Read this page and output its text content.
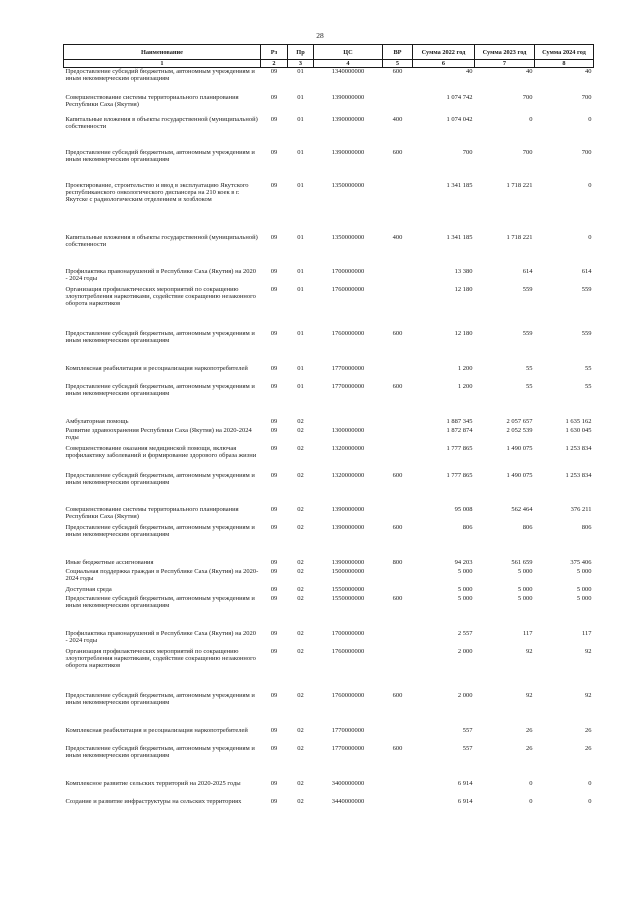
28
Наименование	Рз	Пр	ЦС	ВР	Сумма 2022 год	Сумма 2023 год	Сумма 2024 год
1	2	3	4	5	6	7	8
Предоставление субсидий бюджетным, автономным учреждениям и иным некоммерческим организациям	09	01	1340000000	600	40	40	40
Совершенствование системы территориального планирования Республики Саха (Якутия)	09	01	1390000000		1 074 742	700	700
Капитальные вложения в объекты государственной (муниципальной) собственности	09	01	1390000000	400	1 074 042	0	0
Предоставление субсидий бюджетным, автономным учреждениям и иным некоммерческим организациям	09	01	1390000000	600	700	700	700
Проектирование, строительство и ввод в эксплуатацию Якутского республиканского онкологического диспансера на 210 коек в г. Якутске с радиологическим отделением и хозблоком	09	01	1350000000		1 341 185	1 718 221	0
Капитальные вложения в объекты государственной (муниципальной) собственности	09	01	1350000000	400	1 341 185	1 718 221	0
Профилактика правонарушений в Республике Саха (Якутия) на 2020 - 2024 годы	09	01	1700000000		13 380	614	614
Организация профилактических мероприятий по сокращению злоупотребления наркотиками, содействие сокращению незаконного оборота наркотиков	09	01	1760000000		12 180	559	559
Предоставление субсидий бюджетным, автономным учреждениям и иным некоммерческим организациям	09	01	1760000000	600	12 180	559	559
Комплексная реабилитация и ресоциализация наркопотребителей	09	01	1770000000		1 200	55	55
Предоставление субсидий бюджетным, автономным учреждениям и иным некоммерческим организациям	09	01	1770000000	600	1 200	55	55
Амбулаторная помощь	09	02			1 887 345	2 057 657	1 635 162
Развитие здравоохранения Республики Саха (Якутия) на 2020-2024 годы	09	02	1300000000		1 872 874	2 052 539	1 630 045
Совершенствование оказания медицинской помощи, включая профилактику заболеваний и формирование здорового образа жизни	09	02	1320000000		1 777 865	1 490 075	1 253 834
Предоставление субсидий бюджетным, автономным учреждениям и иным некоммерческим организациям	09	02	1320000000	600	1 777 865	1 490 075	1 253 834
Совершенствование системы территориального планирования Республики Саха (Якутия)	09	02	1390000000		95 008	562 464	376 211
Предоставление субсидий бюджетным, автономным учреждениям и иным некоммерческим организациям	09	02	1390000000	600	806	806	806
Иные бюджетные ассигнования	09	02	1390000000	800	94 203	561 659	375 406
Социальная поддержка граждан в Республике Саха (Якутия) на 2020-2024 годы	09	02	1500000000		5 000	5 000	5 000
Доступная среда	09	02	1550000000		5 000	5 000	5 000
Предоставление субсидий бюджетным, автономным учреждениям и иным некоммерческим организациям	09	02	1550000000	600	5 000	5 000	5 000
Профилактика правонарушений в Республике Саха (Якутия) на 2020 - 2024 годы	09	02	1700000000		2 557	117	117
Организация профилактических мероприятий по сокращению злоупотребления наркотиками, содействие сокращению незаконного оборота наркотиков	09	02	1760000000		2 000	92	92
Предоставление субсидий бюджетным, автономным учреждениям и иным некоммерческим организациям	09	02	1760000000	600	2 000	92	92
Комплексная реабилитация и ресоциализация наркопотребителей	09	02	1770000000		557	26	26
Предоставление субсидий бюджетным, автономным учреждениям и иным некоммерческим организациям	09	02	1770000000	600	557	26	26
Комплексное развитие сельских территорий на 2020-2025 годы	09	02	3400000000		6 914	0	0
Создание и развитие инфраструктуры на сельских территориях	09	02	3440000000		6 914	0	0
